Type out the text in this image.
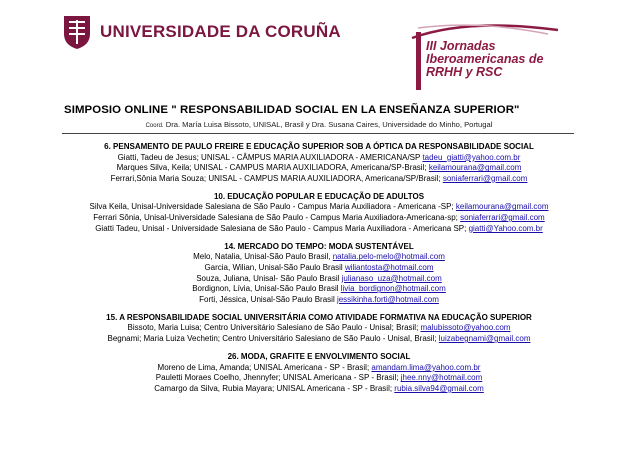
UNIVERSIDADE DA CORUÑA
III Jornadas
Iberoamericanas de
RRHH y RSC
SIMPOSIO ONLINE " RESPONSABILIDAD SOCIAL EN LA ENSEÑANZA SUPERIOR"
Coord. Dra. María Luisa Bissoto, UNISAL, Brasil y Dra. Susana Caires, Universidade do Minho, Portugal
6. PENSAMENTO DE PAULO FREIRE E EDUCAÇÃO SUPERIOR SOB A ÓPTICA DA RESPONSABILIDADE SOCIAL
Giatti, Tadeu de Jesus; UNISAL - CÂMPUS MARIA AUXILIADORA - AMERICANA/SP tadeu_giatti@yahoo.com.br
Marques Silva, Keila; UNISAL - CAMPUS MARIA AUXILIADORA, Americana/SP-Brasil; keilamourana@gmail.com
Ferrari,Sônia Maria Souza; UNISAL - CAMPUS MARIA AUXILIADORA, Americana/SP/Brasil; soniaferrari@gmail.com
10. EDUCAÇÃO POPULAR E EDUCAÇÃO DE ADULTOS
Silva Keila, Unisal-Universidade Salesiana de São Paulo - Campus Maria Auxiliadora - Americana -SP; keilamourana@gmail.com
Ferrari Sônia, Unisal-Universidade Salesiana de São Paulo - Campus Maria Auxiliadora-Americana-sp; soniaferrari@gmail.com
Giatti Tadeu, Unisal - Universidade Salesiana de São Paulo - Campus Maria Auxiliadora - Americana SP; giatti@Yahoo.com.br
14. MERCADO DO TEMPO: MODA SUSTENTÁVEL
Melo, Natalia, Unisal-São Paulo Brasil, natalia.pelo-melo@hotmail.com
Garcia, Wilian, Unisal-São Paulo Brasil wiliantosta@hotmail.com
Souza, Juliana, Unisal- São Paulo Brasil julianaso_uza@hotmail.com
Bordignon, Lívia, Unisal-São Paulo Brasil livia_bordignon@hotmail.com
Forti, Jéssica, Unisal-São Paulo Brasil jessikinha.forti@hotmail.com
15. A RESPONSABILIDADE SOCIAL UNIVERSITÁRIA COMO ATIVIDADE FORMATIVA NA EDUCAÇÃO SUPERIOR
Bissoto, Maria Luisa; Centro Universitário Salesiano de São Paulo - Unisal; Brasil; malubissoto@yahoo.com
Begnami; Maria Luiza Vechetin; Centro Universitário Salesiano de São Paulo - Unisal, Brasil; luizabegnami@gmail.com
26. MODA, GRAFITE E ENVOLVIMENTO SOCIAL
Moreno de Lima, Amanda; UNISAL Americana - SP - Brasil; amandam.lima@yahoo.com.br
Pauletti Moraes Coelho, Jhennyfer; UNISAL Americana - SP - Brasil; jhee.nny@hotmail.com
Camargo da Silva, Rubia Mayara; UNISAL Americana - SP - Brasil; rubia.silva94@gmail.com
